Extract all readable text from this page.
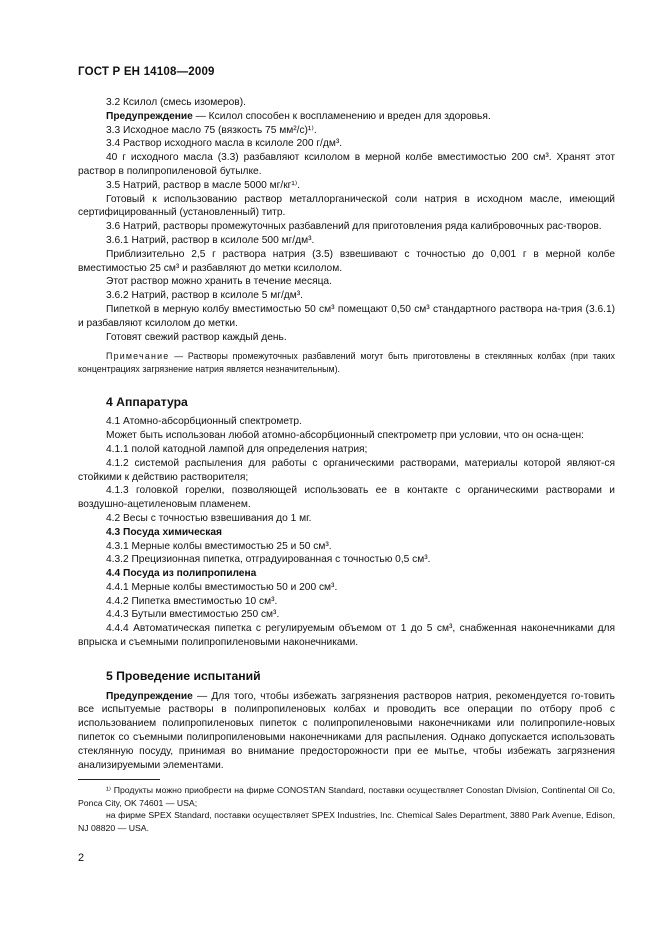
ГОСТ Р ЕН 14108—2009

3.2 Ксилол (смесь изомеров).

Предупреждение — Ксилол способен к воспламенению и вреден для здоровья.

3.3 Исходное масло 75 (вязкость 75 мм²/с)¹⁾.

3.4 Раствор исходного масла в ксилоле 200 г/дм³.

40 г исходного масла (3.3) разбавляют ксилолом в мерной колбе вместимостью 200 см³. Хранят этот раствор в полипропиленовой бутылке.

3.5 Натрий, раствор в масле 5000 мг/кг¹⁾.

Готовый к использованию раствор металлорганической соли натрия в исходном масле, имеющий сертифицированный (установленный) титр.

3.6 Натрий, растворы промежуточных разбавлений для приготовления ряда калибровочных рас-творов.

3.6.1 Натрий, раствор в ксилоле 500 мг/дм³.

Приблизительно 2,5 г раствора натрия (3.5) взвешивают с точностью до 0,001 г в мерной колбе вместимостью 25 см³ и разбавляют до метки ксилолом.

Этот раствор можно хранить в течение месяца.

3.6.2 Натрий, раствор в ксилоле 5 мг/дм³.

Пипеткой в мерную колбу вместимостью 50 см³ помещают 0,50 см³ стандартного раствора на-трия (3.6.1) и разбавляют ксилолом до метки.

Готовят свежий раствор каждый день.

Примечание — Растворы промежуточных разбавлений могут быть приготовлены в стеклянных колбах (при таких концентрациях загрязнение натрия является незначительным).

4 Аппаратура

4.1 Атомно-абсорбционный спектрометр.

Может быть использован любой атомно-абсорбционный спектрометр при условии, что он осна-щен:

4.1.1 полой катодной лампой для определения натрия;

4.1.2 системой распыления для работы с органическими растворами, материалы которой являют-ся стойкими к действию растворителя;

4.1.3 головкой горелки, позволяющей использовать ее в контакте с органическими растворами и воздушно-ацетиленовым пламенем.

4.2 Весы с точностью взвешивания до 1 мг.

4.3 Посуда химическая

4.3.1 Мерные колбы вместимостью 25 и 50 см³.

4.3.2 Прецизионная пипетка, отградуированная с точностью 0,5 см³.

4.4 Посуда из полипропилена

4.4.1 Мерные колбы вместимостью 50 и 200 см³.

4.4.2 Пипетка вместимостью 10 см³.

4.4.3 Бутыли вместимостью 250 см³.

4.4.4 Автоматическая пипетка с регулируемым объемом от 1 до 5 см³, снабженная наконечниками для впрыска и съемными полипропиленовыми наконечниками.

5 Проведение испытаний

Предупреждение — Для того, чтобы избежать загрязнения растворов натрия, рекомендуется го-товить все испытуемые растворы в полипропиленовых колбах и проводить все операции по отбору проб с использованием полипропиленовых пипеток с полипропиленовыми наконечниками или полипропиле-новых пипеток со съемными полипропиленовыми наконечниками для распыления. Однако допускается использовать стеклянную посуду, принимая во внимание предосторожности при ее мытье, чтобы избежать загрязнения анализируемыми элементами.

¹⁾ Продукты можно приобрести на фирме CONOSTAN Standard, поставки осуществляет Conostan Division, Continental Oil Co, Ponca City, OK 74601 — USA;

на фирме SPEX Standard, поставки осуществляет SPEX Industries, Inc. Chemical Sales Department, 3880 Park Avenue, Edison, NJ 08820 — USA.

2
